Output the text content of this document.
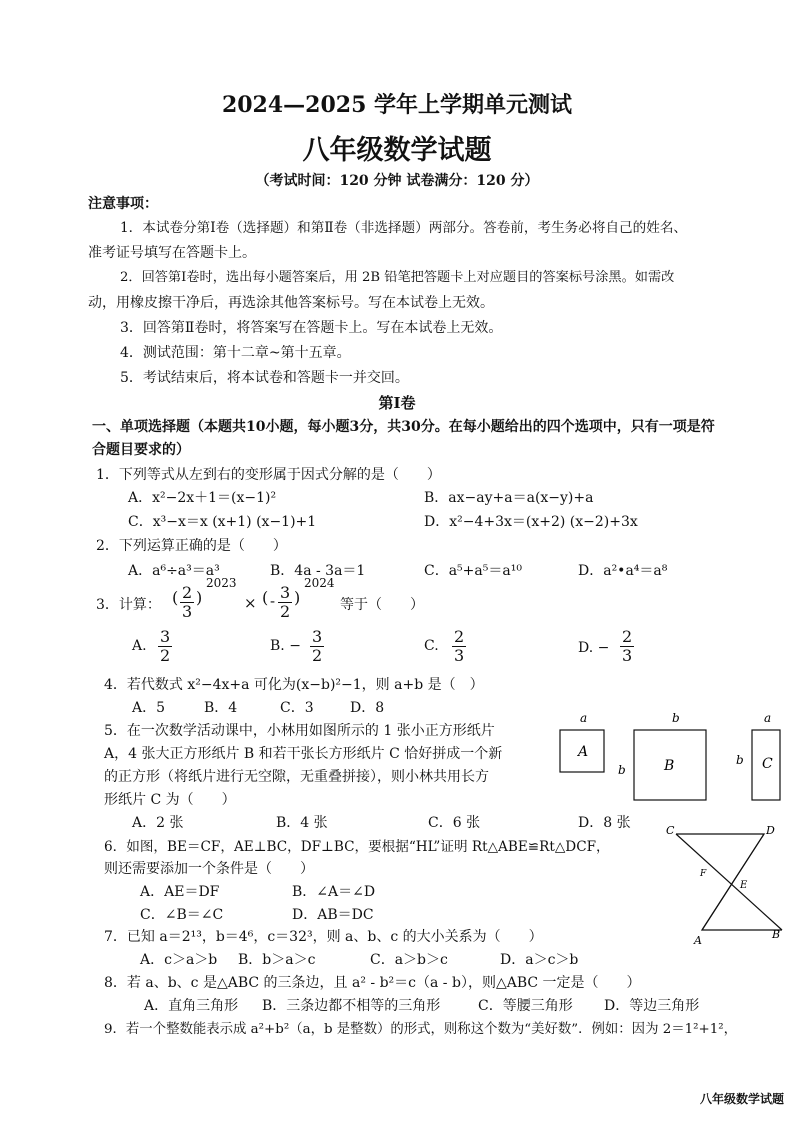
2024—2025 学年上学期单元测试
八年级数学试题
（考试时间：120 分钟 试卷满分：120 分）
注意事项：
1．本试卷分第Ⅰ卷（选择题）和第Ⅱ卷（非选择题）两部分。答卷前，考生务必将自己的姓名、
准考证号填写在答题卡上。
2．回答第Ⅰ卷时，选出每小题答案后，用 2B 铅笔把答题卡上对应题目的答案标号涂黑。如需改
动，用橡皮擦干净后，再选涂其他答案标号。写在本试卷上无效。
3．回答第Ⅱ卷时，将答案写在答题卡上。写在本试卷上无效。
4．测试范围：第十二章~第十五章。
5．考试结束后，将本试卷和答题卡一并交回。
第Ⅰ卷
一、单项选择题（本题共10小题，每小题3分，共30分。在每小题给出的四个选项中，只有一项是符
合题目要求的）
1．下列等式从左到右的变形属于因式分解的是（　　）
A．x²−2x＋1＝(x−1)²	B．ax−ay+a＝a(x−y)+a
C．x³−x＝x (x+1) (x−1)+1	D．x²−4+3x＝(x+2) (x−2)+3x
2．下列运算正确的是（　　）
A．a⁶÷a³＝a³	B．4a - 3a＝1	C．a⁵+a⁵＝a¹⁰	D．a²•a⁴＝a⁸
3．计算： ( $\frac{2}{3}$ )
2023
× ( - $\frac{3}{2}$ )
2024
等于（　　）
A. $\frac{3}{2}$	B. − $\frac{3}{2}$	C. $\frac{2}{3}$	D. − $\frac{2}{3}$
4．若代数式 x²−4x+a 可化为(x−b)²−1，则 a+b 是（　）
A．5	B．4	C．3	D．8
5．在一次数学活动课中，小林用如图所示的 1 张小正方形纸片
A，4 张大正方形纸片 B 和若干张长方形纸片 C 恰好拼成一个新
的正方形（将纸片进行无空隙，无重叠拼接），则小林共用长方
形纸片 C 为（　　）
A．2 张	B．4 张	C．6 张	D．8 张
a
A
b
b	B
a
b C
6．如图，BE＝CF，AE⊥BC，DF⊥BC，要根据“HL”证明 Rt△ABE≌Rt△DCF，
则还需要添加一个条件是（　　）
A．AE＝DF	B．∠A＝∠D
C．∠B＝∠C	D．AB＝DC
C	D
F
E
A	B
7．已知 a＝2¹³，b＝4⁶，c＝32³，则 a、b、c 的大小关系为（　　）
A．c＞a＞b B．b＞a＞c	C．a＞b＞c	D．a＞c＞b
8．若 a、b、c 是△ABC 的三条边，且 a² - b²＝c（a - b），则△ABC 一定是（　　）
A．直角三角形 B．三条边都不相等的三角形	C．等腰三角形 D．等边三角形
9．若一个整数能表示成 a²+b²（a，b 是整数）的形式，则称这个数为“美好数”．例如：因为 2＝1²+1²，
八年级数学试题
